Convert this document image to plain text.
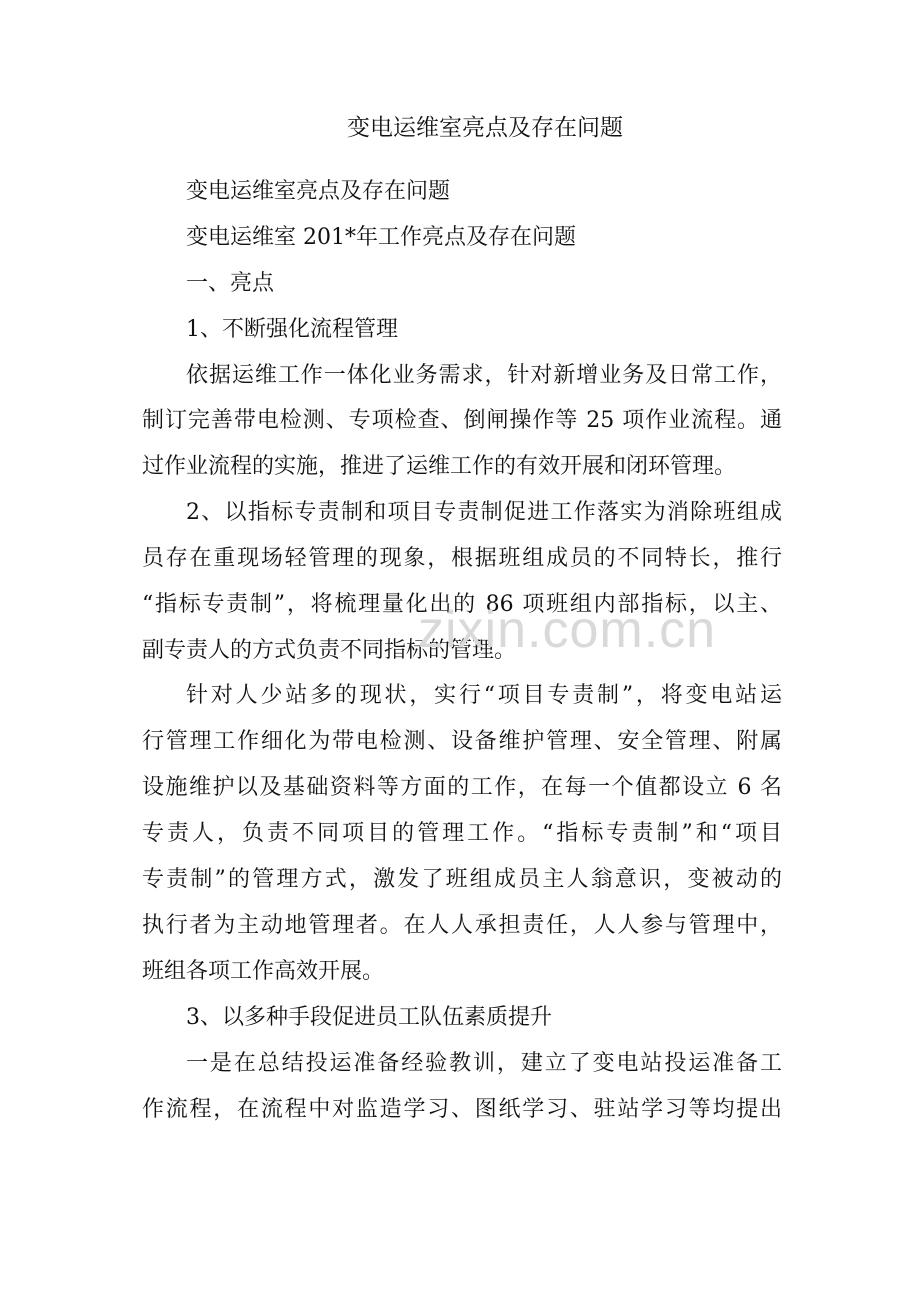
变电运维室亮点及存在问题
变电运维室亮点及存在问题
变电运维室 201*年工作亮点及存在问题
一、亮点
1、不断强化流程管理
依据运维工作一体化业务需求，针对新增业务及日常工作，
制订完善带电检测、专项检查、倒闸操作等 25 项作业流程。通
过作业流程的实施，推进了运维工作的有效开展和闭环管理。
2、以指标专责制和项目专责制促进工作落实为消除班组成
员存在重现场轻管理的现象，根据班组成员的不同特长，推行
“指标专责制”，将梳理量化出的 86 项班组内部指标，以主、
副专责人的方式负责不同指标的管理。
针对人少站多的现状，实行“项目专责制”，将变电站运
行管理工作细化为带电检测、设备维护管理、安全管理、附属
设施维护以及基础资料等方面的工作，在每一个值都设立 6 名
专责人，负责不同项目的管理工作。“指标专责制”和“项目
专责制”的管理方式，激发了班组成员主人翁意识，变被动的
执行者为主动地管理者。在人人承担责任，人人参与管理中，
班组各项工作高效开展。
3、以多种手段促进员工队伍素质提升
一是在总结投运准备经验教训，建立了变电站投运准备工
作流程，在流程中对监造学习、图纸学习、驻站学习等均提出
zixin.com.cn
